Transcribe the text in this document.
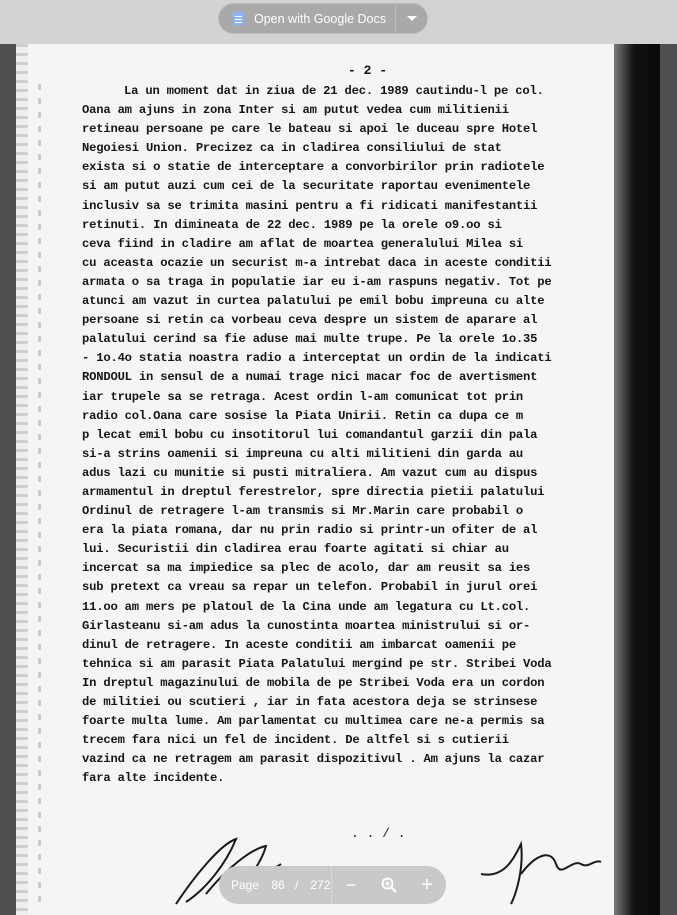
Open with Google Docs
- 2 -
La un moment dat in ziua de 21 dec. 1989 cautindu-l pe col.
Oana am ajuns in zona Inter si am putut vedea cum militienii
retineau persoane pe care le bateau si apoi le duceau spre Hotel
Negoiesi Union. Precizez ca in cladirea consiliului de stat
exista si o statie de interceptare a convorbirilor prin radiotele
si am putut auzi cum cei de la securitate raportau evenimentele
inclusiv sa se trimita masini pentru a fi ridicati manifestantii
retinuti. In dimineata de 22 dec. 1989 pe la orele o9.oo si
ceva fiind in cladire am aflat de moartea generalului Milea si
cu aceasta ocazie un securist m-a intrebat daca in aceste conditii
armata o sa traga in populatie iar eu i-am raspuns negativ. Tot pe
atunci am vazut in curtea palatului pe emil bobu impreuna cu alte
persoane si retin ca vorbeau ceva despre un sistem de aparare al
palatului cerind sa fie aduse mai multe trupe. Pe la orele 1o.35
- 1o.4o statia noastra radio a interceptat un ordin de la indicati
RONDOUL in sensul de a numai trage nici macar foc de avertisment
iar trupele sa se retraga. Acest ordin l-am comunicat tot prin
radio col.Oana care sosise la Piata Unirii. Retin ca dupa ce m
p lecat emil bobu cu insotitorul lui comandantul garzii din pala
si-a strins oamenii si impreuna cu alti militieni din garda au
adus lazi cu munitie si pusti mitraliera. Am vazut cum au dispus
armamentul in dreptul ferestrelor, spre directia pietii palatului
Ordinul de retragere l-am transmis si Mr.Marin care probabil o
era la piata romana, dar nu prin radio si printr-un ofiter de al
lui. Securistii din cladirea erau foarte agitati si chiar au
incercat sa ma impiedice sa plec de acolo, dar am reusit sa ies
sub pretext ca vreau sa repar un telefon. Probabil in jurul orei
11.oo am mers pe platoul de la Cina unde am legatura cu Lt.col.
Girlasteanu si-am adus la cunostinta moartea ministrului si or-
dinul de retragere. In aceste conditii am imbarcat oamenii pe
tehnica si am parasit Piata Palatului mergind pe str. Stribei Voda
In dreptul magazinului de mobila de pe Stribei Voda era un cordon
de militiei ou scutieri , iar in fata acestora deja se strinsese
foarte multa lume. Am parlamentat cu multimea care ne-a permis sa
trecem fara nici un fel de incident. De altfel si s cutierii
vazind ca ne retragem am parasit dispozitivul . Am ajuns la cazar
fara alte incidente.
. . / .
Page	86 / 272 −	+
